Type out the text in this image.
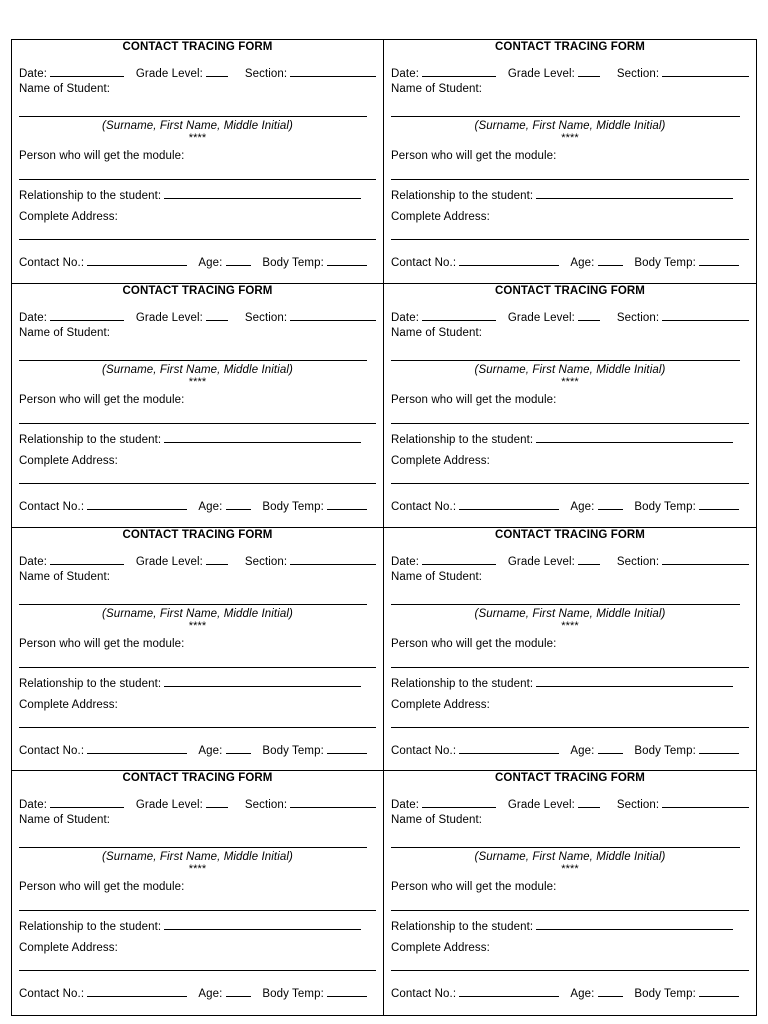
CONTACT TRACING FORM
Date:	Grade Level:	Section:
Name of Student:
(Surname, First Name, Middle Initial)
****
Person who will get the module:
Relationship to the student:
Complete Address:
Contact No.:	Age:	Body Temp:
CONTACT TRACING FORM
Date:	Grade Level:	Section:
Name of Student:
(Surname, First Name, Middle Initial)
****
Person who will get the module:
Relationship to the student:
Complete Address:
Contact No.:	Age:	Body Temp:
CONTACT TRACING FORM
Date:	Grade Level:	Section:
Name of Student:
(Surname, First Name, Middle Initial)
****
Person who will get the module:
Relationship to the student:
Complete Address:
Contact No.:	Age:	Body Temp:
CONTACT TRACING FORM
Date:	Grade Level:	Section:
Name of Student:
(Surname, First Name, Middle Initial)
****
Person who will get the module:
Relationship to the student:
Complete Address:
Contact No.:	Age:	Body Temp:
CONTACT TRACING FORM
Date:	Grade Level:	Section:
Name of Student:
(Surname, First Name, Middle Initial)
****
Person who will get the module:
Relationship to the student:
Complete Address:
Contact No.:	Age:	Body Temp:
CONTACT TRACING FORM
Date:	Grade Level:	Section:
Name of Student:
(Surname, First Name, Middle Initial)
****
Person who will get the module:
Relationship to the student:
Complete Address:
Contact No.:	Age:	Body Temp:
CONTACT TRACING FORM
Date:	Grade Level:	Section:
Name of Student:
(Surname, First Name, Middle Initial)
****
Person who will get the module:
Relationship to the student:
Complete Address:
Contact No.:	Age:	Body Temp:
CONTACT TRACING FORM
Date:	Grade Level:	Section:
Name of Student:
(Surname, First Name, Middle Initial)
****
Person who will get the module:
Relationship to the student:
Complete Address:
Contact No.:	Age:	Body Temp:
